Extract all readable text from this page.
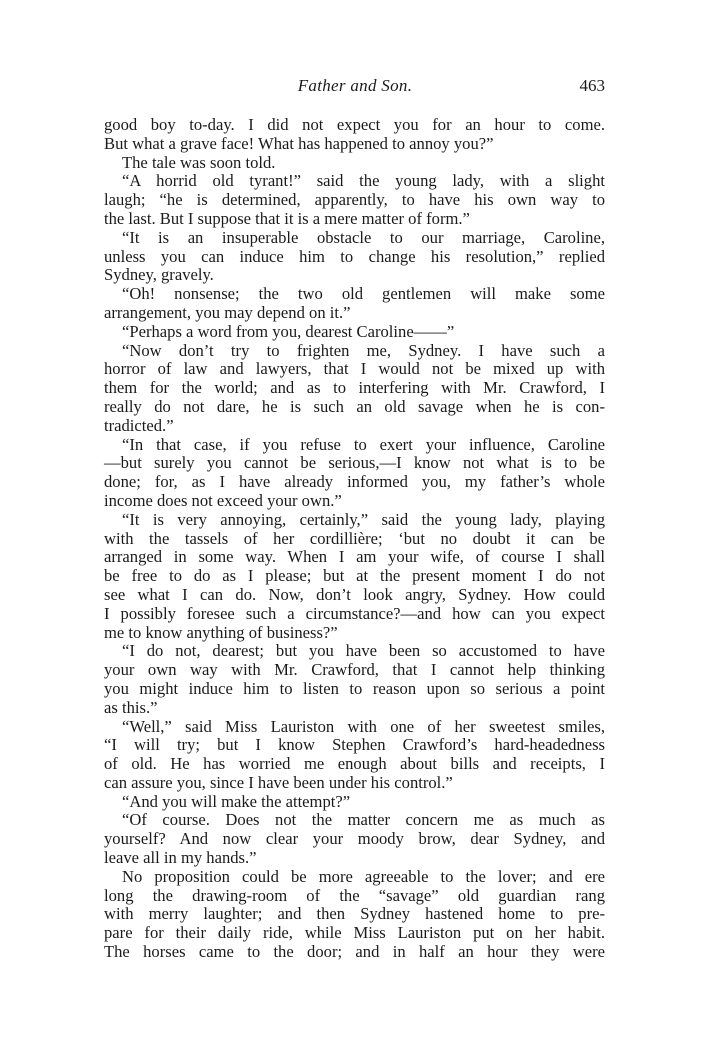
Father and Son.	463
good boy to-day. I did not expect you for an hour to come.
But what a grave face! What has happened to annoy you?”
The tale was soon told.
“A horrid old tyrant!” said the young lady, with a slight
laugh; “he is determined, apparently, to have his own way to
the last. But I suppose that it is a mere matter of form.”
“It is an insuperable obstacle to our marriage, Caroline,
unless you can induce him to change his resolution,” replied
Sydney, gravely.
“Oh! nonsense; the two old gentlemen will make some
arrangement, you may depend on it.”
“Perhaps a word from you, dearest Caroline——”
“Now don’t try to frighten me, Sydney. I have such a
horror of law and lawyers, that I would not be mixed up with
them for the world; and as to interfering with Mr. Crawford, I
really do not dare, he is such an old savage when he is con-
tradicted.”
“In that case, if you refuse to exert your influence, Caroline
—but surely you cannot be serious,—I know not what is to be
done; for, as I have already informed you, my father’s whole
income does not exceed your own.”
“It is very annoying, certainly,” said the young lady, playing
with the tassels of her cordillière; ‘but no doubt it can be
arranged in some way. When I am your wife, of course I shall
be free to do as I please; but at the present moment I do not
see what I can do. Now, don’t look angry, Sydney. How could
I possibly foresee such a circumstance?—and how can you expect
me to know anything of business?”
“I do not, dearest; but you have been so accustomed to have
your own way with Mr. Crawford, that I cannot help thinking
you might induce him to listen to reason upon so serious a point
as this.”
“Well,” said Miss Lauriston with one of her sweetest smiles,
“I will try; but I know Stephen Crawford’s hard-headedness
of old. He has worried me enough about bills and receipts, I
can assure you, since I have been under his control.”
“And you will make the attempt?”
“Of course. Does not the matter concern me as much as
yourself? And now clear your moody brow, dear Sydney, and
leave all in my hands.”
No proposition could be more agreeable to the lover; and ere
long the drawing-room of the “savage” old guardian rang
with merry laughter; and then Sydney hastened home to pre-
pare for their daily ride, while Miss Lauriston put on her habit.
The horses came to the door; and in half an hour they were
